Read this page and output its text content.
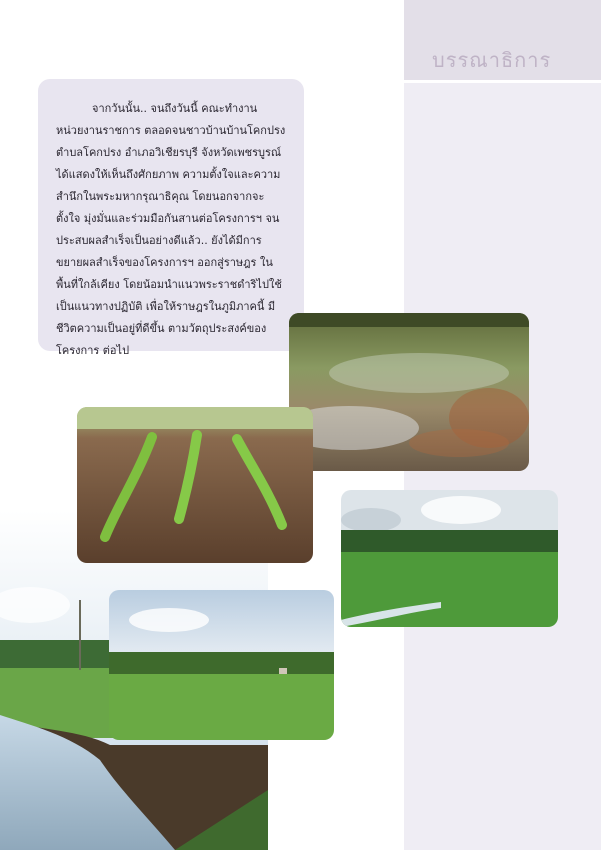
บรรณาธิการ
จากวันนั้น.. จนถึงวันนี้ คณะทำงาน
หน่วยงานราชการ ตลอดจนชาวบ้านบ้านโคกปรง
ตำบลโคกปรง อำเภอวิเชียรบุรี จังหวัดเพชรบูรณ์
ได้แสดงให้เห็นถึงศักยภาพ ความตั้งใจและความ
สำนึกในพระมหากรุณาธิคุณ โดยนอกจากจะ
ตั้งใจ มุ่งมั่นและร่วมมือกันสานต่อโครงการฯ จน
ประสบผลสำเร็จเป็นอย่างดีแล้ว.. ยังได้มีการ
ขยายผลสำเร็จของโครงการฯ ออกสู่ราษฎร ใน
พื้นที่ใกล้เคียง โดยน้อมนำแนวพระราชดำริไปใช้
เป็นแนวทางปฏิบัติ เพื่อให้ราษฎรในภูมิภาคนี้ มี
ชีวิตความเป็นอยู่ที่ดีขึ้น ตามวัตถุประสงค์ของ
โครงการ ต่อไป
